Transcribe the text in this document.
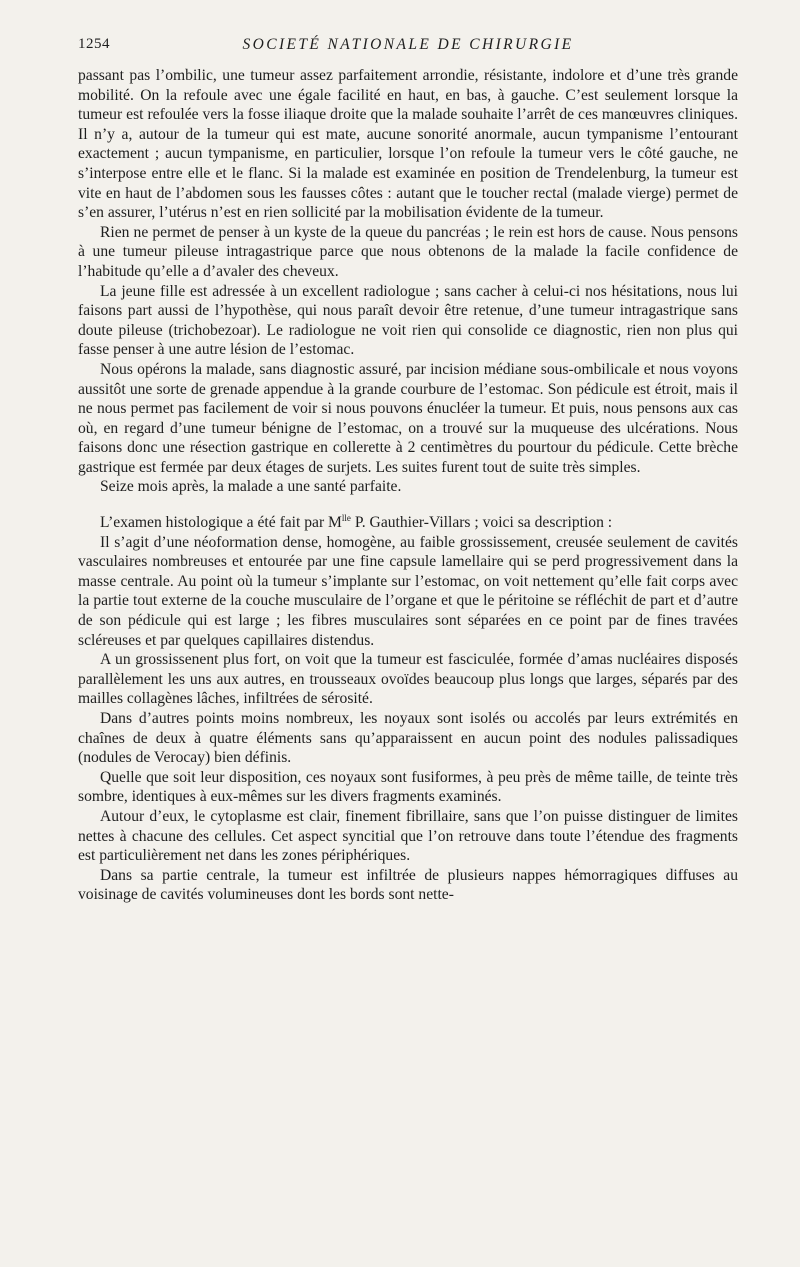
1254	SOCIETÉ NATIONALE DE CHIRURGIE

passant pas l’ombilic, une tumeur assez parfaitement arrondie, résistante, indolore et d’une très grande mobilité. On la refoule avec une égale facilité en haut, en bas, à gauche. C’est seulement lorsque la tumeur est refoulée vers la fosse iliaque droite que la malade souhaite l’arrêt de ces manœuvres cliniques. Il n’y a, autour de la tumeur qui est mate, aucune sonorité anormale, aucun tympanisme l’entourant exactement ; aucun tympanisme, en particulier, lorsque l’on refoule la tumeur vers le côté gauche, ne s’interpose entre elle et le flanc. Si la malade est examinée en position de Trendelenburg, la tumeur est vite en haut de l’abdomen sous les fausses côtes : autant que le toucher rectal (malade vierge) permet de s’en assurer, l’utérus n’est en rien sollicité par la mobilisation évidente de la tumeur.

Rien ne permet de penser à un kyste de la queue du pancréas ; le rein est hors de cause. Nous pensons à une tumeur pileuse intragastrique parce que nous obtenons de la malade la facile confidence de l’habitude qu’elle a d’avaler des cheveux.

La jeune fille est adressée à un excellent radiologue ; sans cacher à celui-ci nos hésitations, nous lui faisons part aussi de l’hypothèse, qui nous paraît devoir être retenue, d’une tumeur intragastrique sans doute pileuse (trichobezoar). Le radiologue ne voit rien qui consolide ce diagnostic, rien non plus qui fasse penser à une autre lésion de l’estomac.

Nous opérons la malade, sans diagnostic assuré, par incision médiane sous-ombilicale et nous voyons aussitôt une sorte de grenade appendue à la grande courbure de l’estomac. Son pédicule est étroit, mais il ne nous permet pas facilement de voir si nous pouvons énucléer la tumeur. Et puis, nous pensons aux cas où, en regard d’une tumeur bénigne de l’estomac, on a trouvé sur la muqueuse des ulcérations. Nous faisons donc une résection gastrique en collerette à 2 centimètres du pourtour du pédicule. Cette brèche gastrique est fermée par deux étages de surjets. Les suites furent tout de suite très simples.

Seize mois après, la malade a une santé parfaite.

L’examen histologique a été fait par $M^{lle}$ P. Gauthier-Villars ; voici sa description :

Il s’agit d’une néoformation dense, homogène, au faible grossissement, creusée seulement de cavités vasculaires nombreuses et entourée par une fine capsule lamellaire qui se perd progressivement dans la masse centrale. Au point où la tumeur s’implante sur l’estomac, on voit nettement qu’elle fait corps avec la partie tout externe de la couche musculaire de l’organe et que le péritoine se réfléchit de part et d’autre de son pédicule qui est large ; les fibres musculaires sont séparées en ce point par de fines travées scléreuses et par quelques capillaires distendus.

A un grossissenent plus fort, on voit que la tumeur est fasciculée, formée d’amas nucléaires disposés parallèlement les uns aux autres, en trousseaux ovoïdes beaucoup plus longs que larges, séparés par des mailles collagènes lâches, infiltrées de sérosité.

Dans d’autres points moins nombreux, les noyaux sont isolés ou accolés par leurs extrémités en chaînes de deux à quatre éléments sans qu’apparaissent en aucun point des nodules palissadiques (nodules de Verocay) bien définis.

Quelle que soit leur disposition, ces noyaux sont fusiformes, à peu près de même taille, de teinte très sombre, identiques à eux-mêmes sur les divers fragments examinés.

Autour d’eux, le cytoplasme est clair, finement fibrillaire, sans que l’on puisse distinguer de limites nettes à chacune des cellules. Cet aspect syncitial que l’on retrouve dans toute l’étendue des fragments est particulièrement net dans les zones périphériques.

Dans sa partie centrale, la tumeur est infiltrée de plusieurs nappes hémorragiques diffuses au voisinage de cavités volumineuses dont les bords sont nette-
